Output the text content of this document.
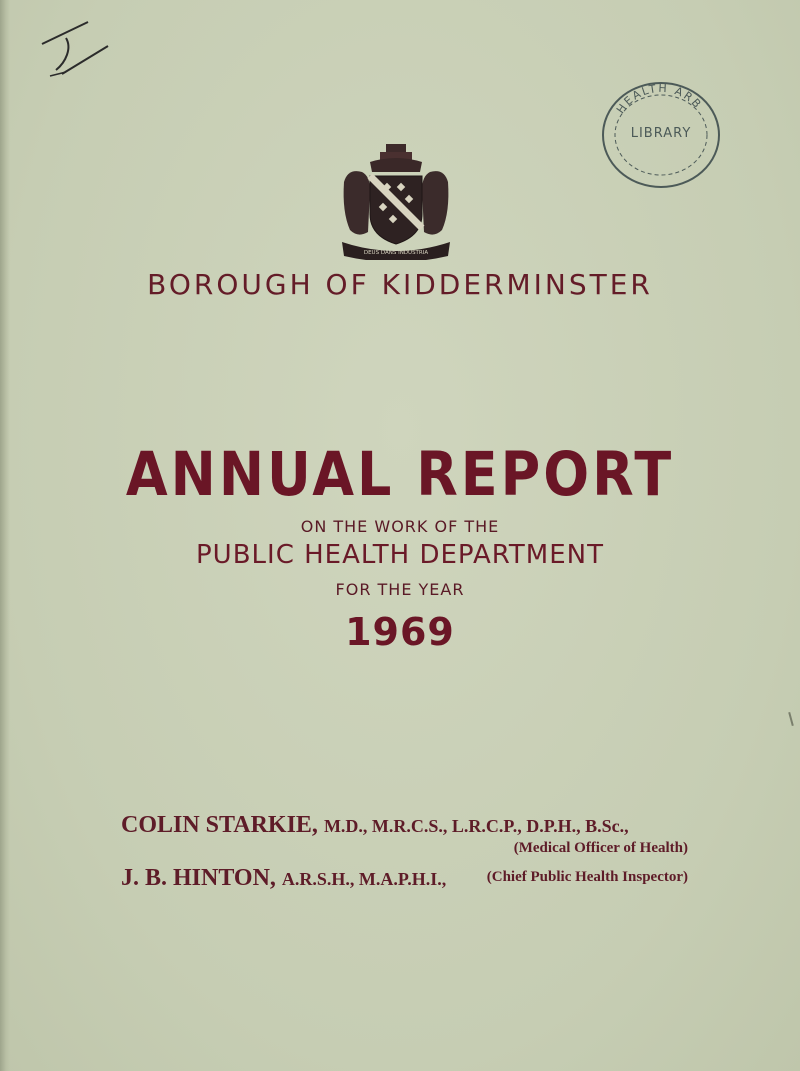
HEALTH ARB
LIBRARY
DEUS DANS INDUSTRIA
BOROUGH OF KIDDERMINSTER
ANNUAL REPORT
ON THE WORK OF THE
PUBLIC HEALTH DEPARTMENT
FOR THE YEAR
1969
COLIN STARKIE, M.D., M.R.C.S., L.R.C.P., D.P.H., B.Sc.,
(Medical Officer of Health)
J. B. HINTON, A.R.S.H., M.A.P.H.I.,	(Chief Public Health Inspector)
